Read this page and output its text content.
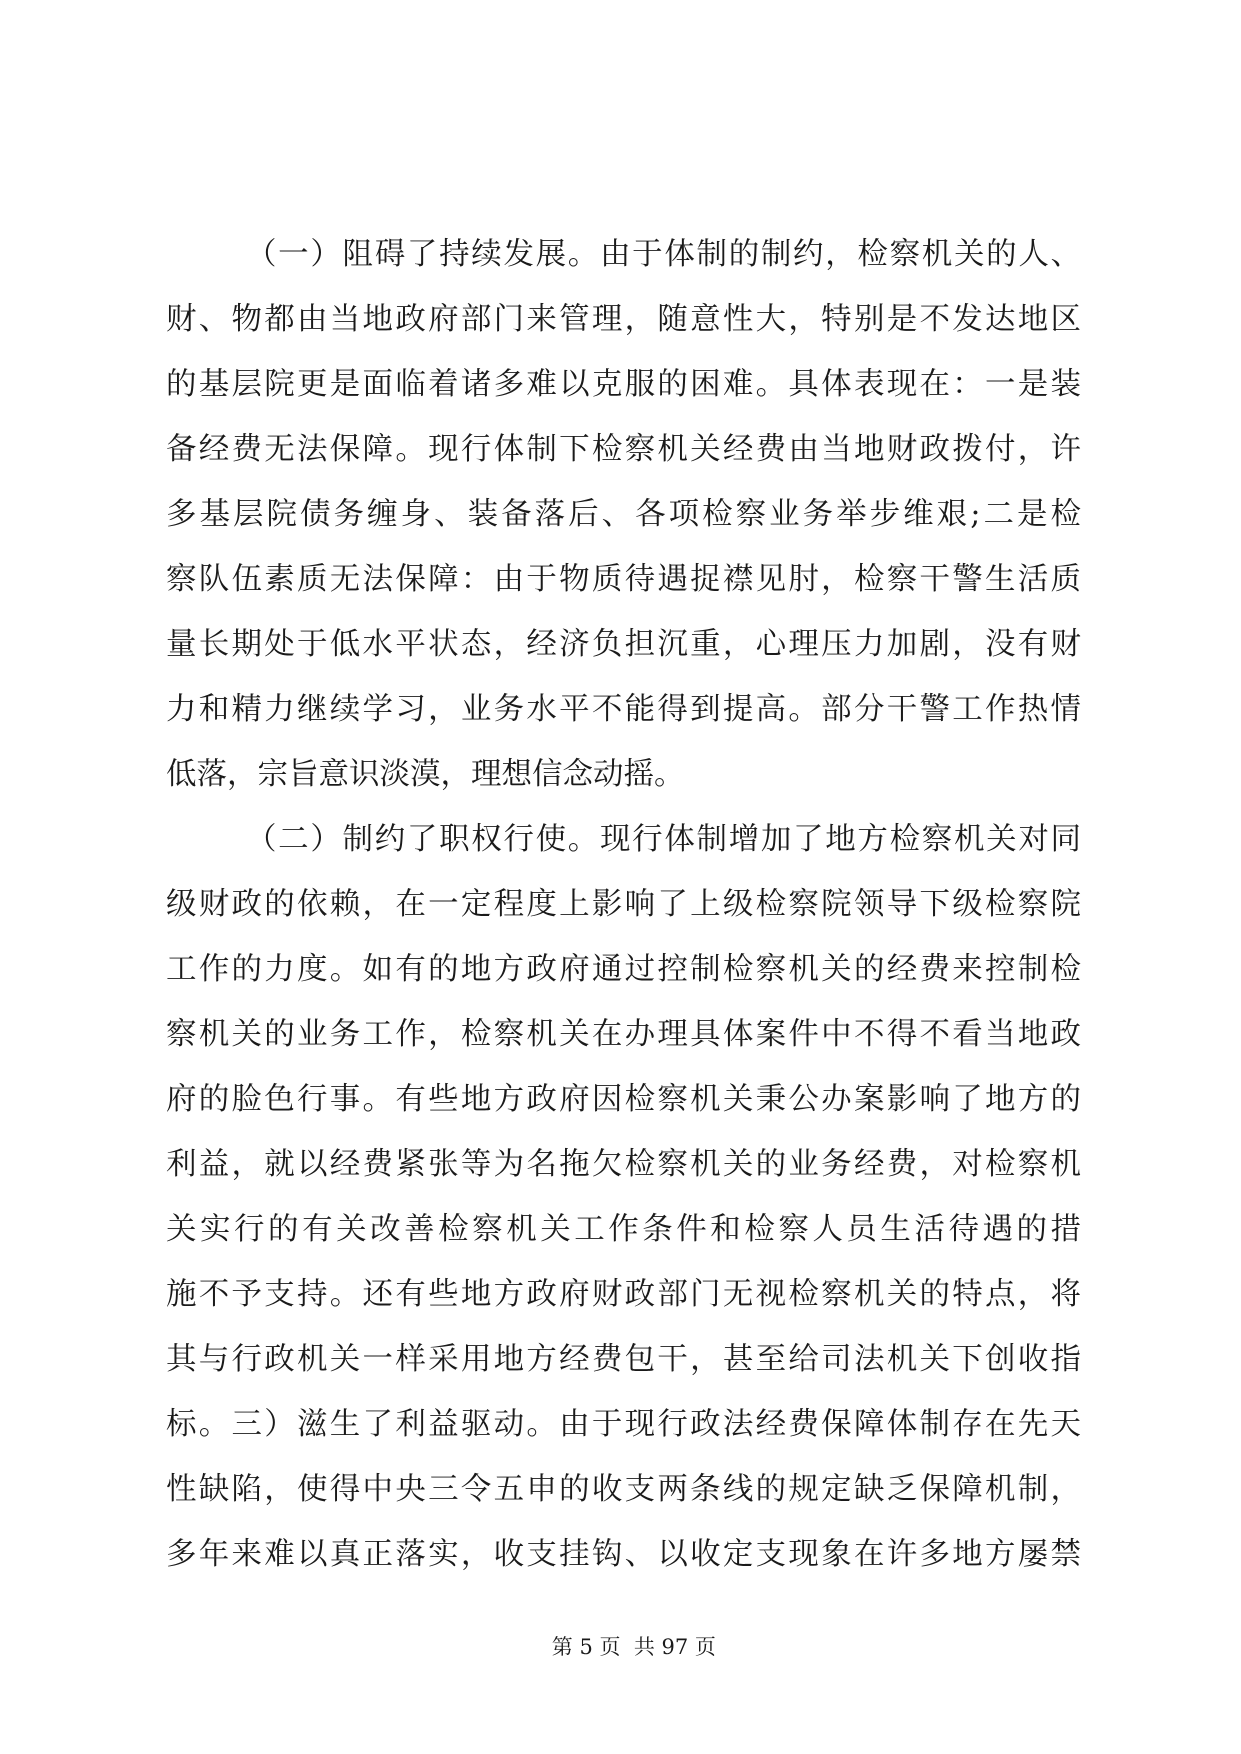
（一）阻碍了持续发展。由于体制的制约，检察机关的人、
财、物都由当地政府部门来管理，随意性大，特别是不发达地区
的基层院更是面临着诸多难以克服的困难。具体表现在：一是装
备经费无法保障。现行体制下检察机关经费由当地财政拨付，许
多基层院债务缠身、装备落后、各项检察业务举步维艰;二是检
察队伍素质无法保障：由于物质待遇捉襟见肘，检察干警生活质
量长期处于低水平状态，经济负担沉重，心理压力加剧，没有财
力和精力继续学习，业务水平不能得到提高。部分干警工作热情
低落，宗旨意识淡漠，理想信念动摇。
（二）制约了职权行使。现行体制增加了地方检察机关对同
级财政的依赖，在一定程度上影响了上级检察院领导下级检察院
工作的力度。如有的地方政府通过控制检察机关的经费来控制检
察机关的业务工作，检察机关在办理具体案件中不得不看当地政
府的脸色行事。有些地方政府因检察机关秉公办案影响了地方的
利益，就以经费紧张等为名拖欠检察机关的业务经费，对检察机
关实行的有关改善检察机关工作条件和检察人员生活待遇的措
施不予支持。还有些地方政府财政部门无视检察机关的特点，将
其与行政机关一样采用地方经费包干，甚至给司法机关下创收指
标。三）滋生了利益驱动。由于现行政法经费保障体制存在先天
性缺陷，使得中央三令五申的收支两条线的规定缺乏保障机制，
多年来难以真正落实，收支挂钩、以收定支现象在许多地方屡禁

第 5 页  共 97 页
